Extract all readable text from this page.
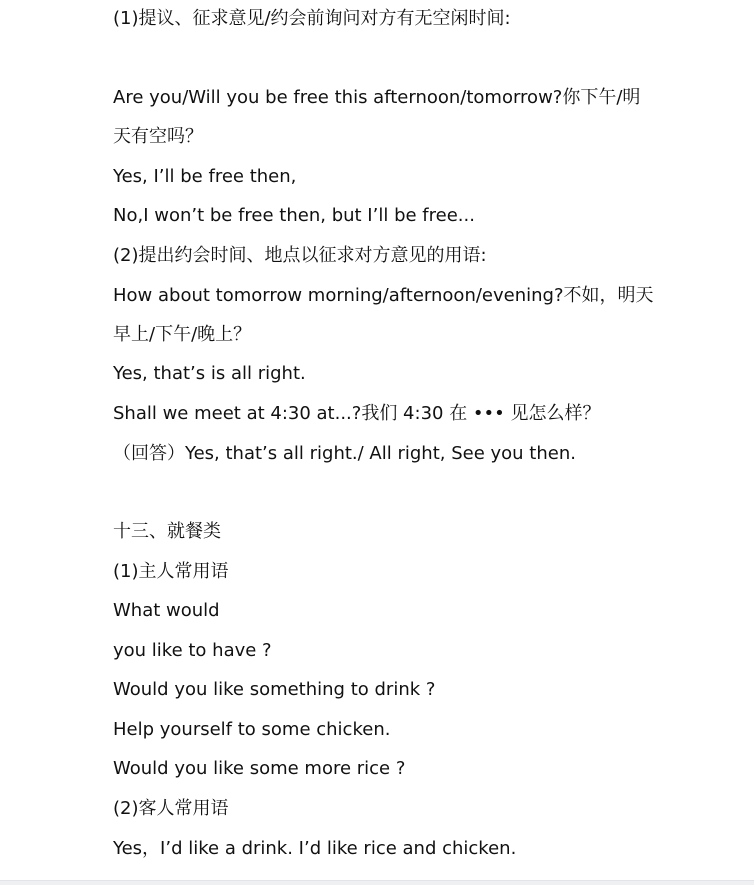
(1)提议、征求意见/约会前询问对方有无空闲时间:

Are you/Will you be free this afternoon/tomorrow?你下午/明

天有空吗？

Yes, I’ll be free then,

No,I won’t be free then, but I’ll be free...

(2)提出约会时间、地点以征求对方意见的用语:

How about tomorrow morning/afternoon/evening?不如，明天

早上/下午/晚上？

Yes, that’s is all right.

Shall we meet at 4:30 at...?我们 4:30 在 ••• 见怎么样？

（回答）Yes, that’s all right./ All right, See you then.

十三、就餐类

(1)主人常用语

What would

you like to have ?

Would you like something to drink ?

Help yourself to some chicken.

Would you like some more rice ?

(2)客人常用语

Yes，I’d like a drink. I’d like rice and chicken.
